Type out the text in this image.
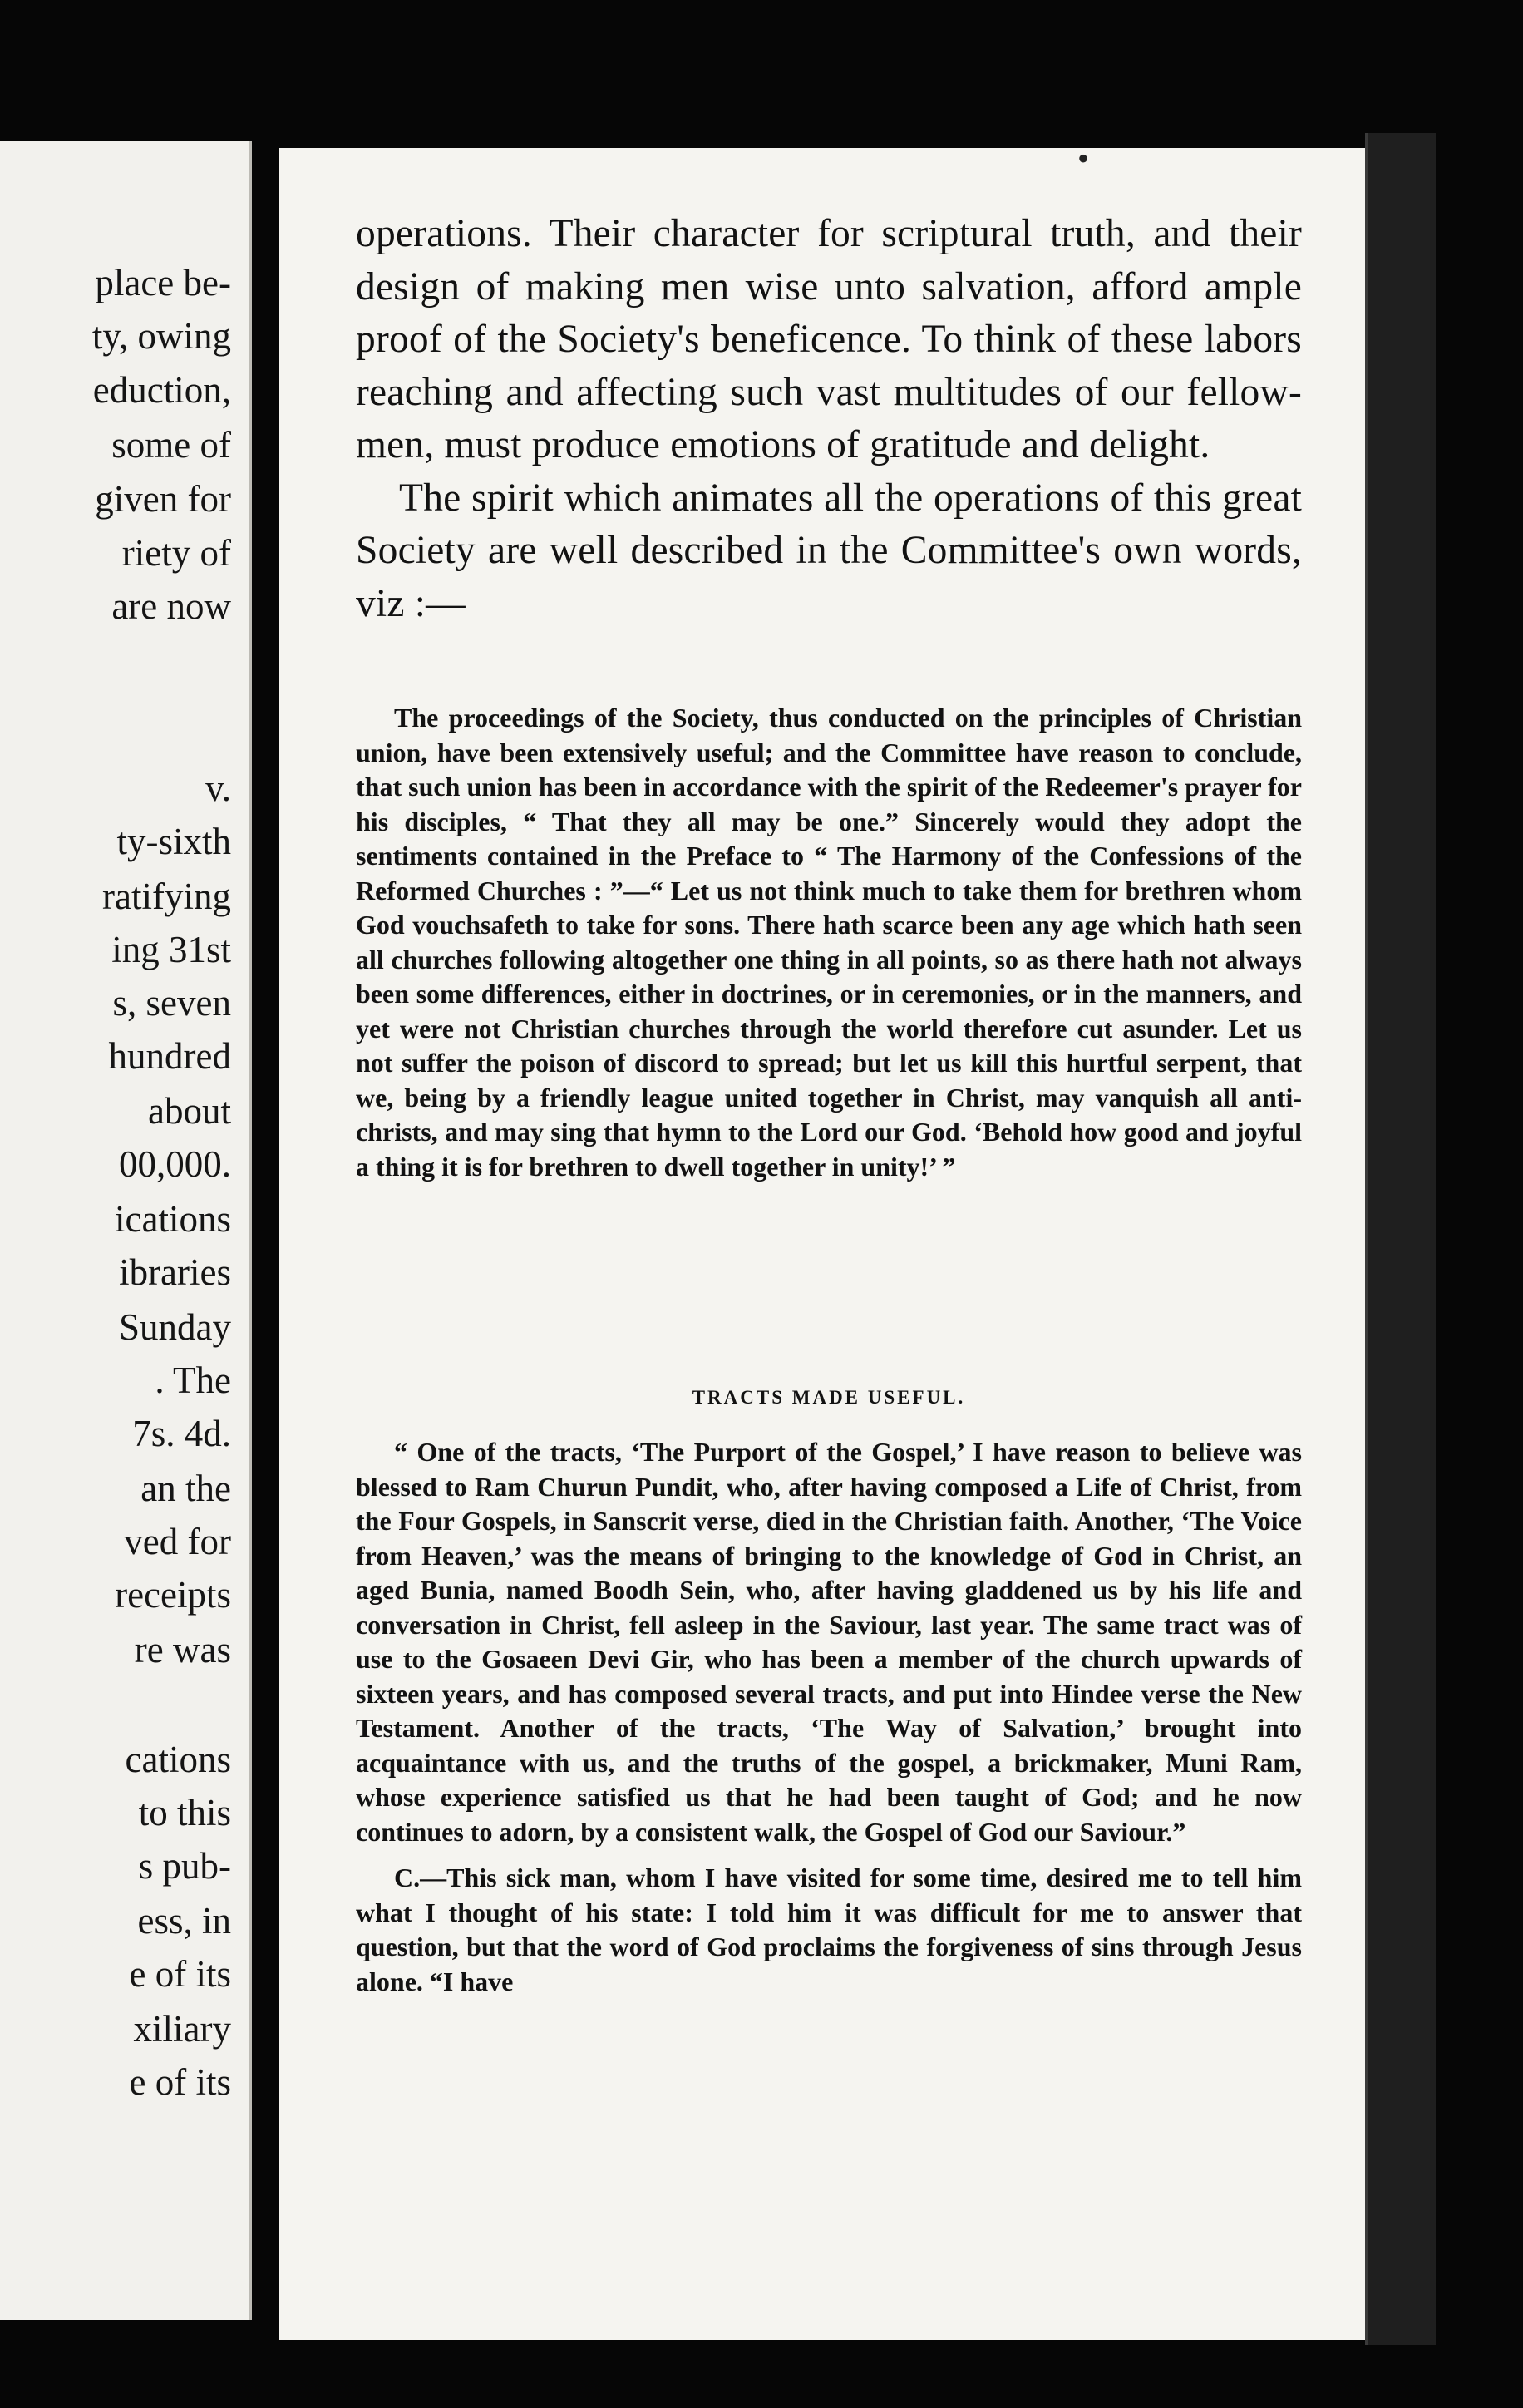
place be-
ty, owing
eduction,
some of
given for
riety of
are now
v.
ty-sixth
ratifying
ing 31st
s, seven
hundred
about
00,000.
ications
ibraries
Sunday
. The
7s. 4d.
an the
ved for
receipts
re was
cations
to this
s pub-
ess, in
e of its
xiliary
e of its
•

operations. Their character for scriptural truth, and their design of making men wise unto salvation, afford ample proof of the Society's beneficence. To think of these labors reaching and affecting such vast multitudes of our fellow-men, must produce emotions of gratitude and delight.

The spirit which animates all the operations of this great Society are well described in the Committee's own words, viz :—

The proceedings of the Society, thus conducted on the principles of Christian union, have been extensively useful; and the Committee have reason to conclude, that such union has been in accordance with the spirit of the Redeemer's prayer for his disciples, “ That they all may be one.” Sincerely would they adopt the sentiments contained in the Preface to “ The Harmony of the Confessions of the Reformed Churches : ”—“ Let us not think much to take them for brethren whom God vouchsafeth to take for sons. There hath scarce been any age which hath seen all churches following altogether one thing in all points, so as there hath not always been some differences, either in doctrines, or in ceremonies, or in the manners, and yet were not Christian churches through the world therefore cut asunder. Let us not suffer the poison of discord to spread; but let us kill this hurtful serpent, that we, being by a friendly league united together in Christ, may vanquish all anti-christs, and may sing that hymn to the Lord our God. ‘Behold how good and joyful a thing it is for brethren to dwell together in unity!’ ”

TRACTS MADE USEFUL.

“ One of the tracts, ‘The Purport of the Gospel,’ I have reason to believe was blessed to Ram Churun Pundit, who, after having composed a Life of Christ, from the Four Gospels, in Sanscrit verse, died in the Christian faith. Another, ‘The Voice from Heaven,’ was the means of bringing to the knowledge of God in Christ, an aged Bunia, named Boodh Sein, who, after having gladdened us by his life and conversation in Christ, fell asleep in the Saviour, last year. The same tract was of use to the Gosaeen Devi Gir, who has been a member of the church upwards of sixteen years, and has composed several tracts, and put into Hindee verse the New Testament. Another of the tracts, ‘The Way of Salvation,’ brought into acquaintance with us, and the truths of the gospel, a brickmaker, Muni Ram, whose experience satisfied us that he had been taught of God; and he now continues to adorn, by a consistent walk, the Gospel of God our Saviour.”

C.—This sick man, whom I have visited for some time, desired me to tell him what I thought of his state: I told him it was difficult for me to answer that question, but that the word of God proclaims the forgiveness of sins through Jesus alone. “I have
